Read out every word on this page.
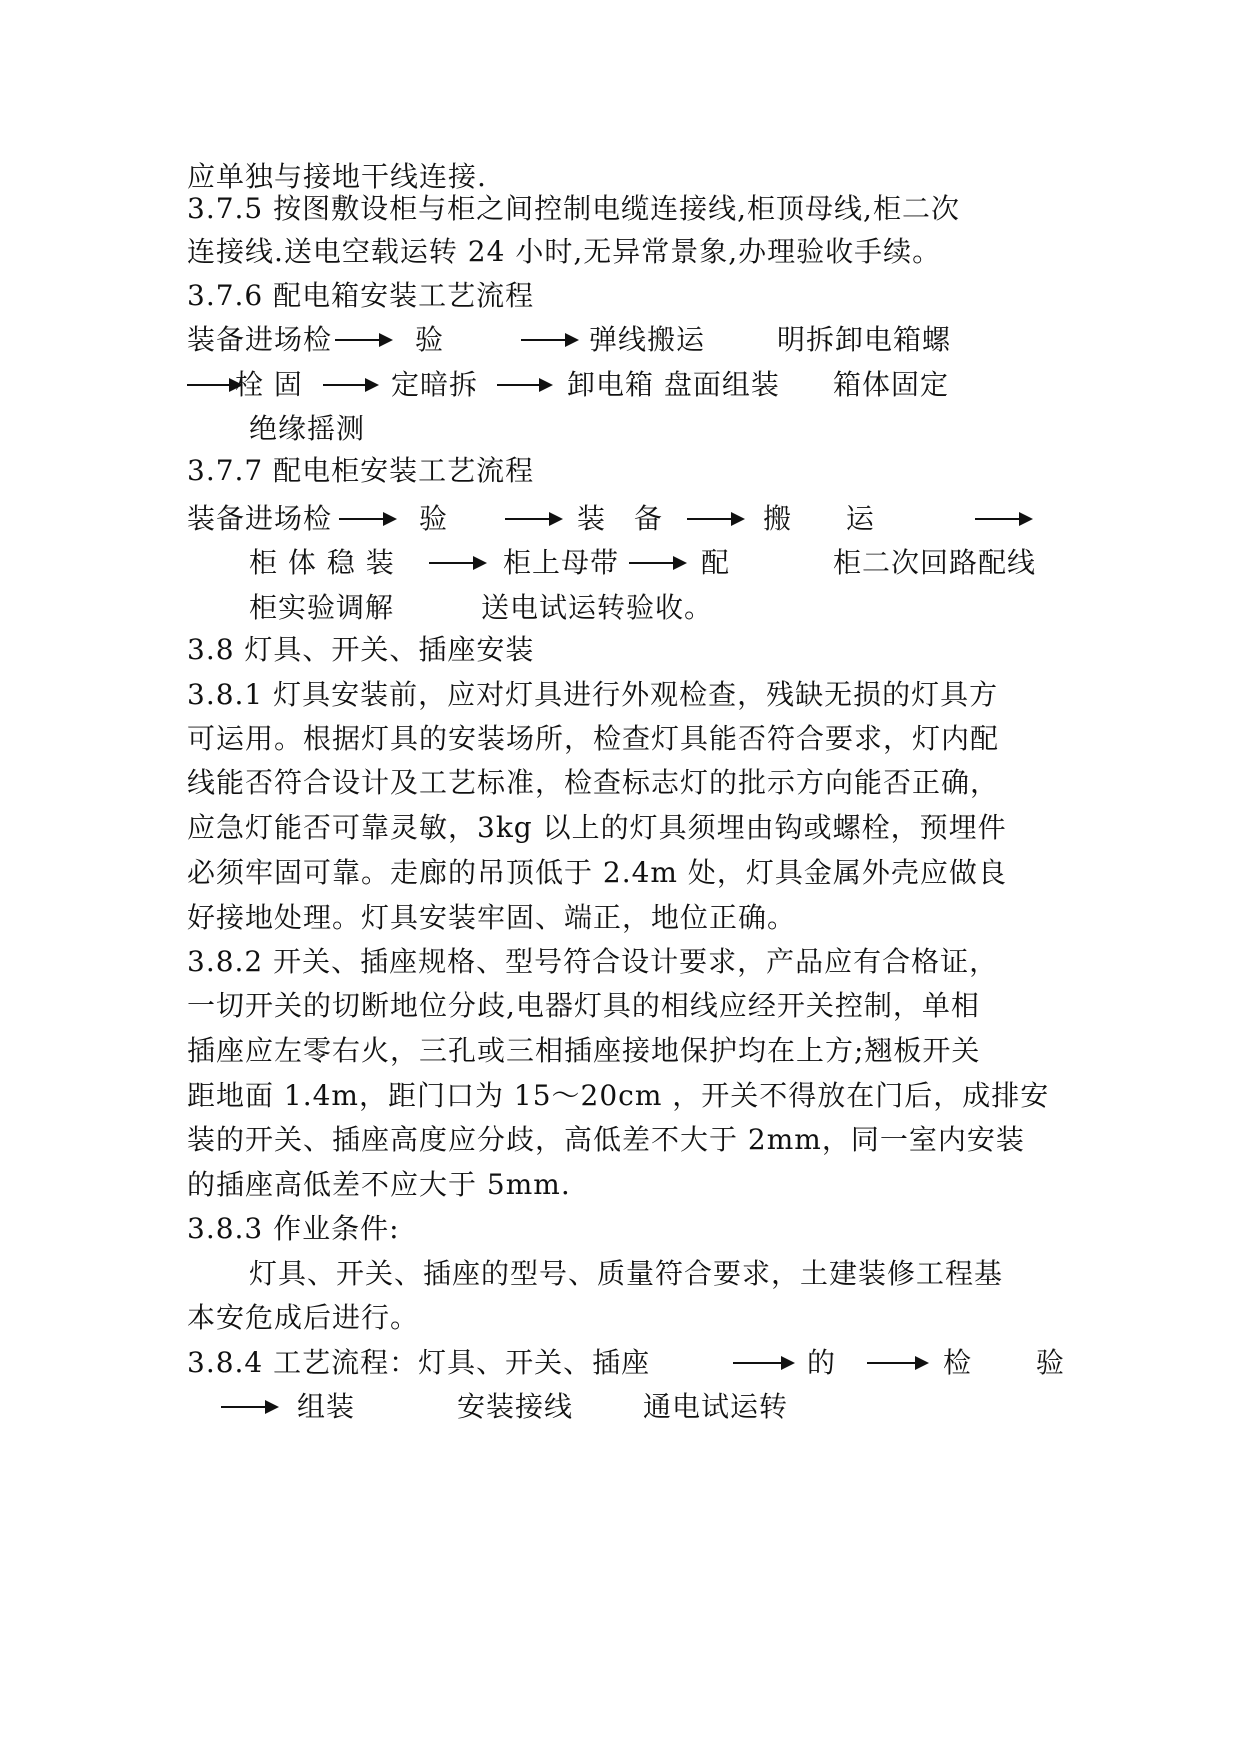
应单独与接地干线连接.
3.7.5 按图敷设柜与柜之间控制电缆连接线,柜顶母线,柜二次
连接线.送电空载运转 24 小时,无异常景象,办理验收手续。
3.7.6 配电箱安装工艺流程
装备进场检	验	弹线搬运	明拆卸电箱螺
栓 固	定暗拆	卸电箱 盘面组装 箱体固定
绝缘摇测
3.7.7 配电柜安装工艺流程
装备进场检	验	装 备	搬 运
柜 体 稳 装	柜上母带	配	柜二次回路配线
柜实验调解	送电试运转验收。
3.8 灯具、开关、插座安装
3.8.1 灯具安装前，应对灯具进行外观检查，残缺无损的灯具方
可运用。根据灯具的安装场所，检查灯具能否符合要求，灯内配
线能否符合设计及工艺标准，检查标志灯的批示方向能否正确，
应急灯能否可靠灵敏，3kg 以上的灯具须埋由钩或螺栓，预埋件
必须牢固可靠。走廊的吊顶低于 2.4m 处，灯具金属外壳应做良
好接地处理。灯具安装牢固、端正，地位正确。
3.8.2 开关、插座规格、型号符合设计要求，产品应有合格证，
一切开关的切断地位分歧,电器灯具的相线应经开关控制，单相
插座应左零右火，三孔或三相插座接地保护均在上方;翘板开关
距地面 1.4m，距门口为 15～20cm ，开关不得放在门后，成排安
装的开关、插座高度应分歧，高低差不大于 2mm，同一室内安装
的插座高低差不应大于 5mm.
3.8.3 作业条件:
灯具、开关、插座的型号、质量符合要求，土建装修工程基
本安危成后进行。
3.8.4 工艺流程：灯具、开关、插座	的	检 验
组装	安装接线 通电试运转
